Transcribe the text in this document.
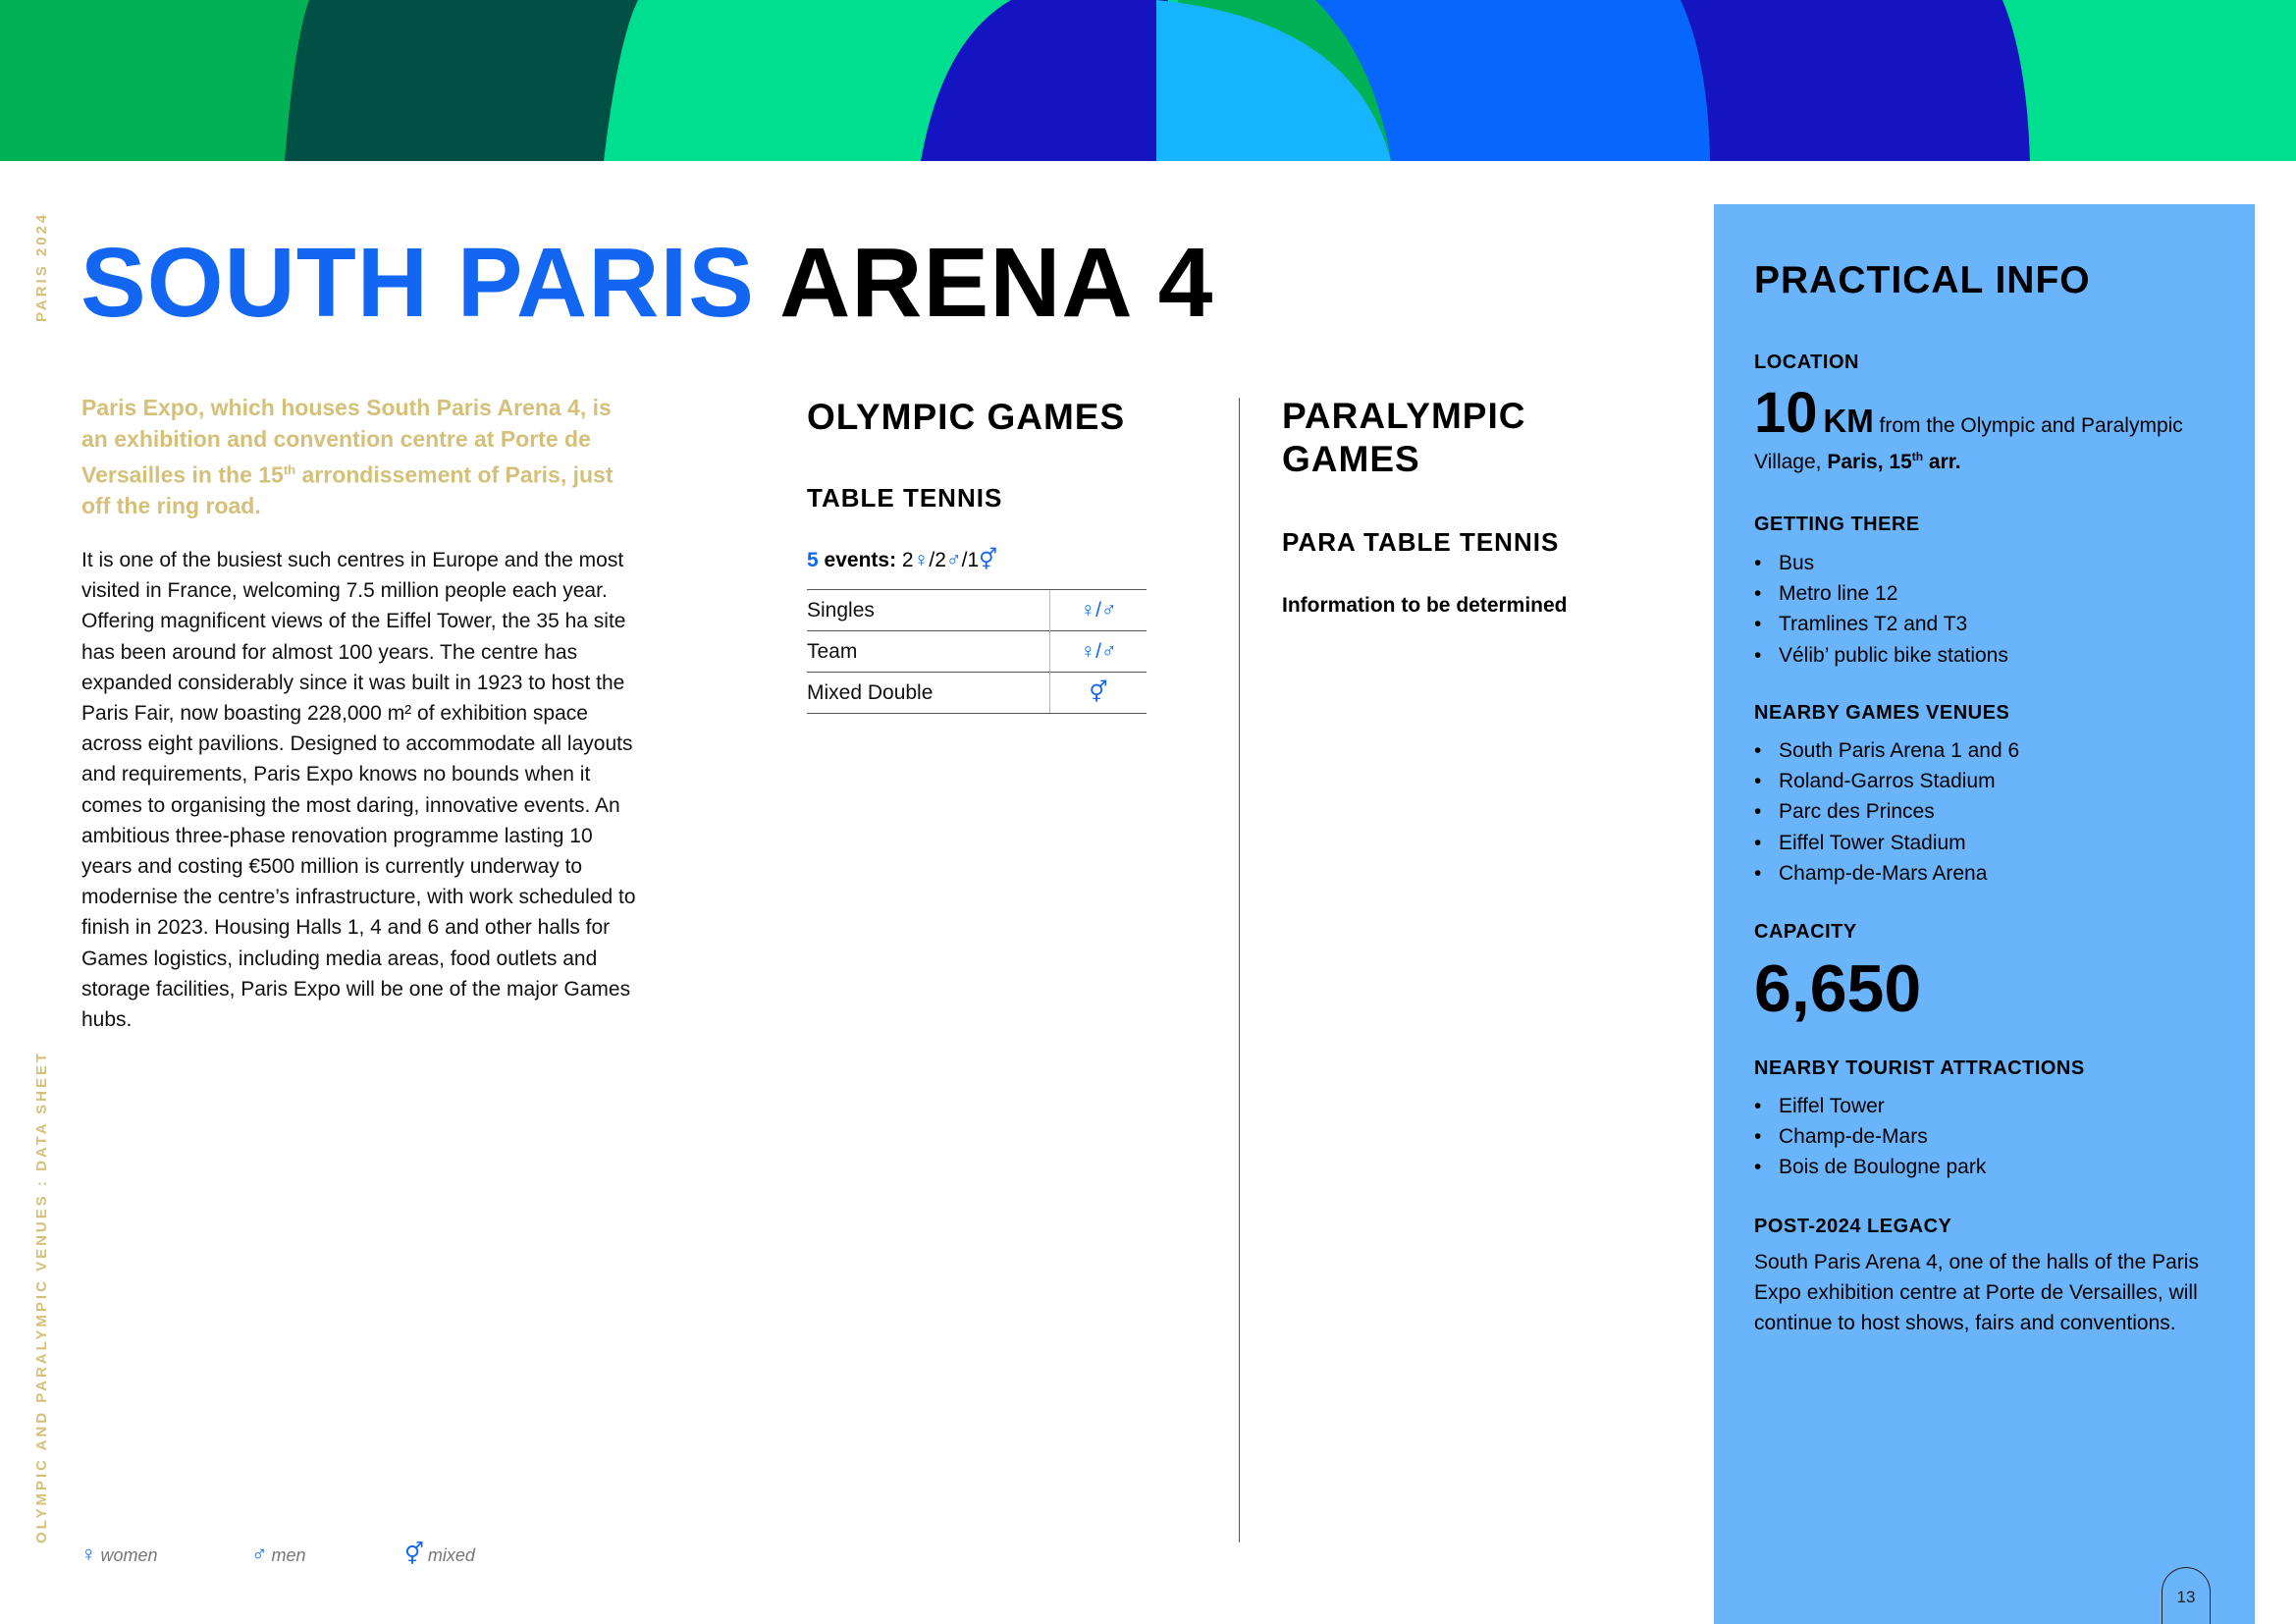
PARIS 2024
OLYMPIC AND PARALYMPIC VENUES : DATA SHEET
SOUTH PARIS ARENA 4

Paris Expo, which houses South Paris Arena 4, is an exhibition and convention centre at Porte de Versailles in the 15th arrondissement of Paris, just off the ring road.

It is one of the busiest such centres in Europe and the most visited in France, welcoming 7.5 million people each year. Offering magnificent views of the Eiffel Tower, the 35 ha site has been around for almost 100 years. The centre has expanded considerably since it was built in 1923 to host the Paris Fair, now boasting 228,000 m² of exhibition space across eight pavilions. Designed to accommodate all layouts and requirements, Paris Expo knows no bounds when it comes to organising the most daring, innovative events. An ambitious three-phase renovation programme lasting 10 years and costing €500 million is currently underway to modernise the centre’s infrastructure, with work scheduled to finish in 2023. Housing Halls 1, 4 and 6 and other halls for Games logistics, including media areas, food outlets and storage facilities, Paris Expo will be one of the major Games hubs.

OLYMPIC GAMES
TABLE TENNIS
5 events: 2♀/2♂/1⚥
Singles	♀/♂
Team	♀/♂
Mixed Double	⚥
PARALYMPIC GAMES
PARA TABLE TENNIS
Information to be determined
♀ women	♂ men	⚥ mixed
PRACTICAL INFO
LOCATION
10 KM from the Olympic and Paralympic Village, Paris, 15th arr.
GETTING THERE
• Bus
• Metro line 12
• Tramlines T2 and T3
• Vélib’ public bike stations
NEARBY GAMES VENUES
• South Paris Arena 1 and 6
• Roland-Garros Stadium
• Parc des Princes
• Eiffel Tower Stadium
• Champ-de-Mars Arena
CAPACITY
6,650
NEARBY TOURIST ATTRACTIONS
• Eiffel Tower
• Champ-de-Mars
• Bois de Boulogne park
POST-2024 LEGACY

South Paris Arena 4, one of the halls of the Paris Expo exhibition centre at Porte de Versailles, will continue to host shows, fairs and conventions.

13
